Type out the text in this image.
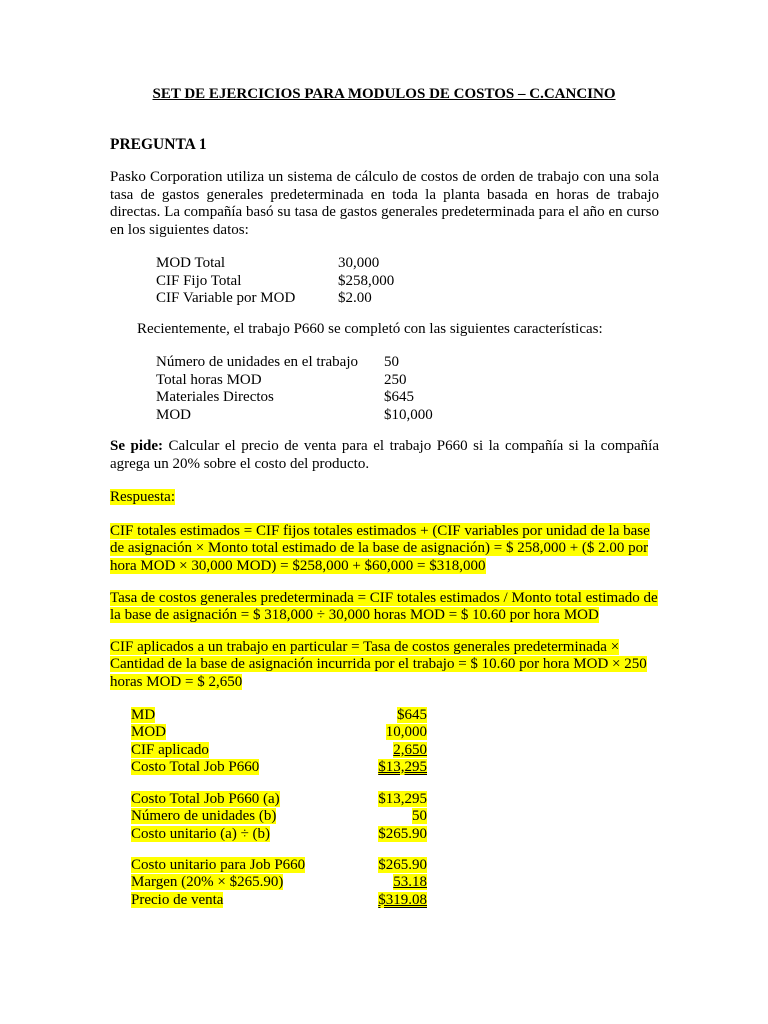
SET DE EJERCICIOS PARA MODULOS DE COSTOS – C.CANCINO
PREGUNTA 1
Pasko Corporation utiliza un sistema de cálculo de costos de orden de trabajo con una sola tasa de gastos generales predeterminada en toda la planta basada en horas de trabajo directas. La compañía basó su tasa de gastos generales predeterminada para el año en curso en los siguientes datos:
MOD Total	30,000
CIF Fijo Total	$258,000
CIF Variable por MOD	$2.00
Recientemente, el trabajo P660 se completó con las siguientes características:
Número de unidades en el trabajo	50
Total horas MOD	250
Materiales Directos	$645
MOD	$10,000
Se pide: Calcular el precio de venta para el trabajo P660 si la compañía si la compañía agrega un 20% sobre el costo del producto.
Respuesta:
CIF totales estimados = CIF fijos totales estimados + (CIF variables por unidad de la base de asignación × Monto total estimado de la base de asignación) = $ 258,000 + ($ 2.00 por hora MOD × 30,000 MOD) = $258,000 + $60,000 = $318,000
Tasa de costos generales predeterminada = CIF totales estimados / Monto total estimado de la base de asignación = $ 318,000 ÷ 30,000 horas MOD = $ 10.60 por hora MOD
CIF aplicados a un trabajo en particular = Tasa de costos generales predeterminada × Cantidad de la base de asignación incurrida por el trabajo = $ 10.60 por hora MOD × 250 horas MOD = $ 2,650
MD	$645
MOD	10,000
CIF aplicado	2,650
Costo Total Job P660	$13,295
Costo Total Job P660 (a)	$13,295
Número de unidades (b)	50
Costo unitario (a) ÷ (b)	$265.90
Costo unitario para Job P660	$265.90
Margen (20% × $265.90)	53.18
Precio de venta	$319.08
